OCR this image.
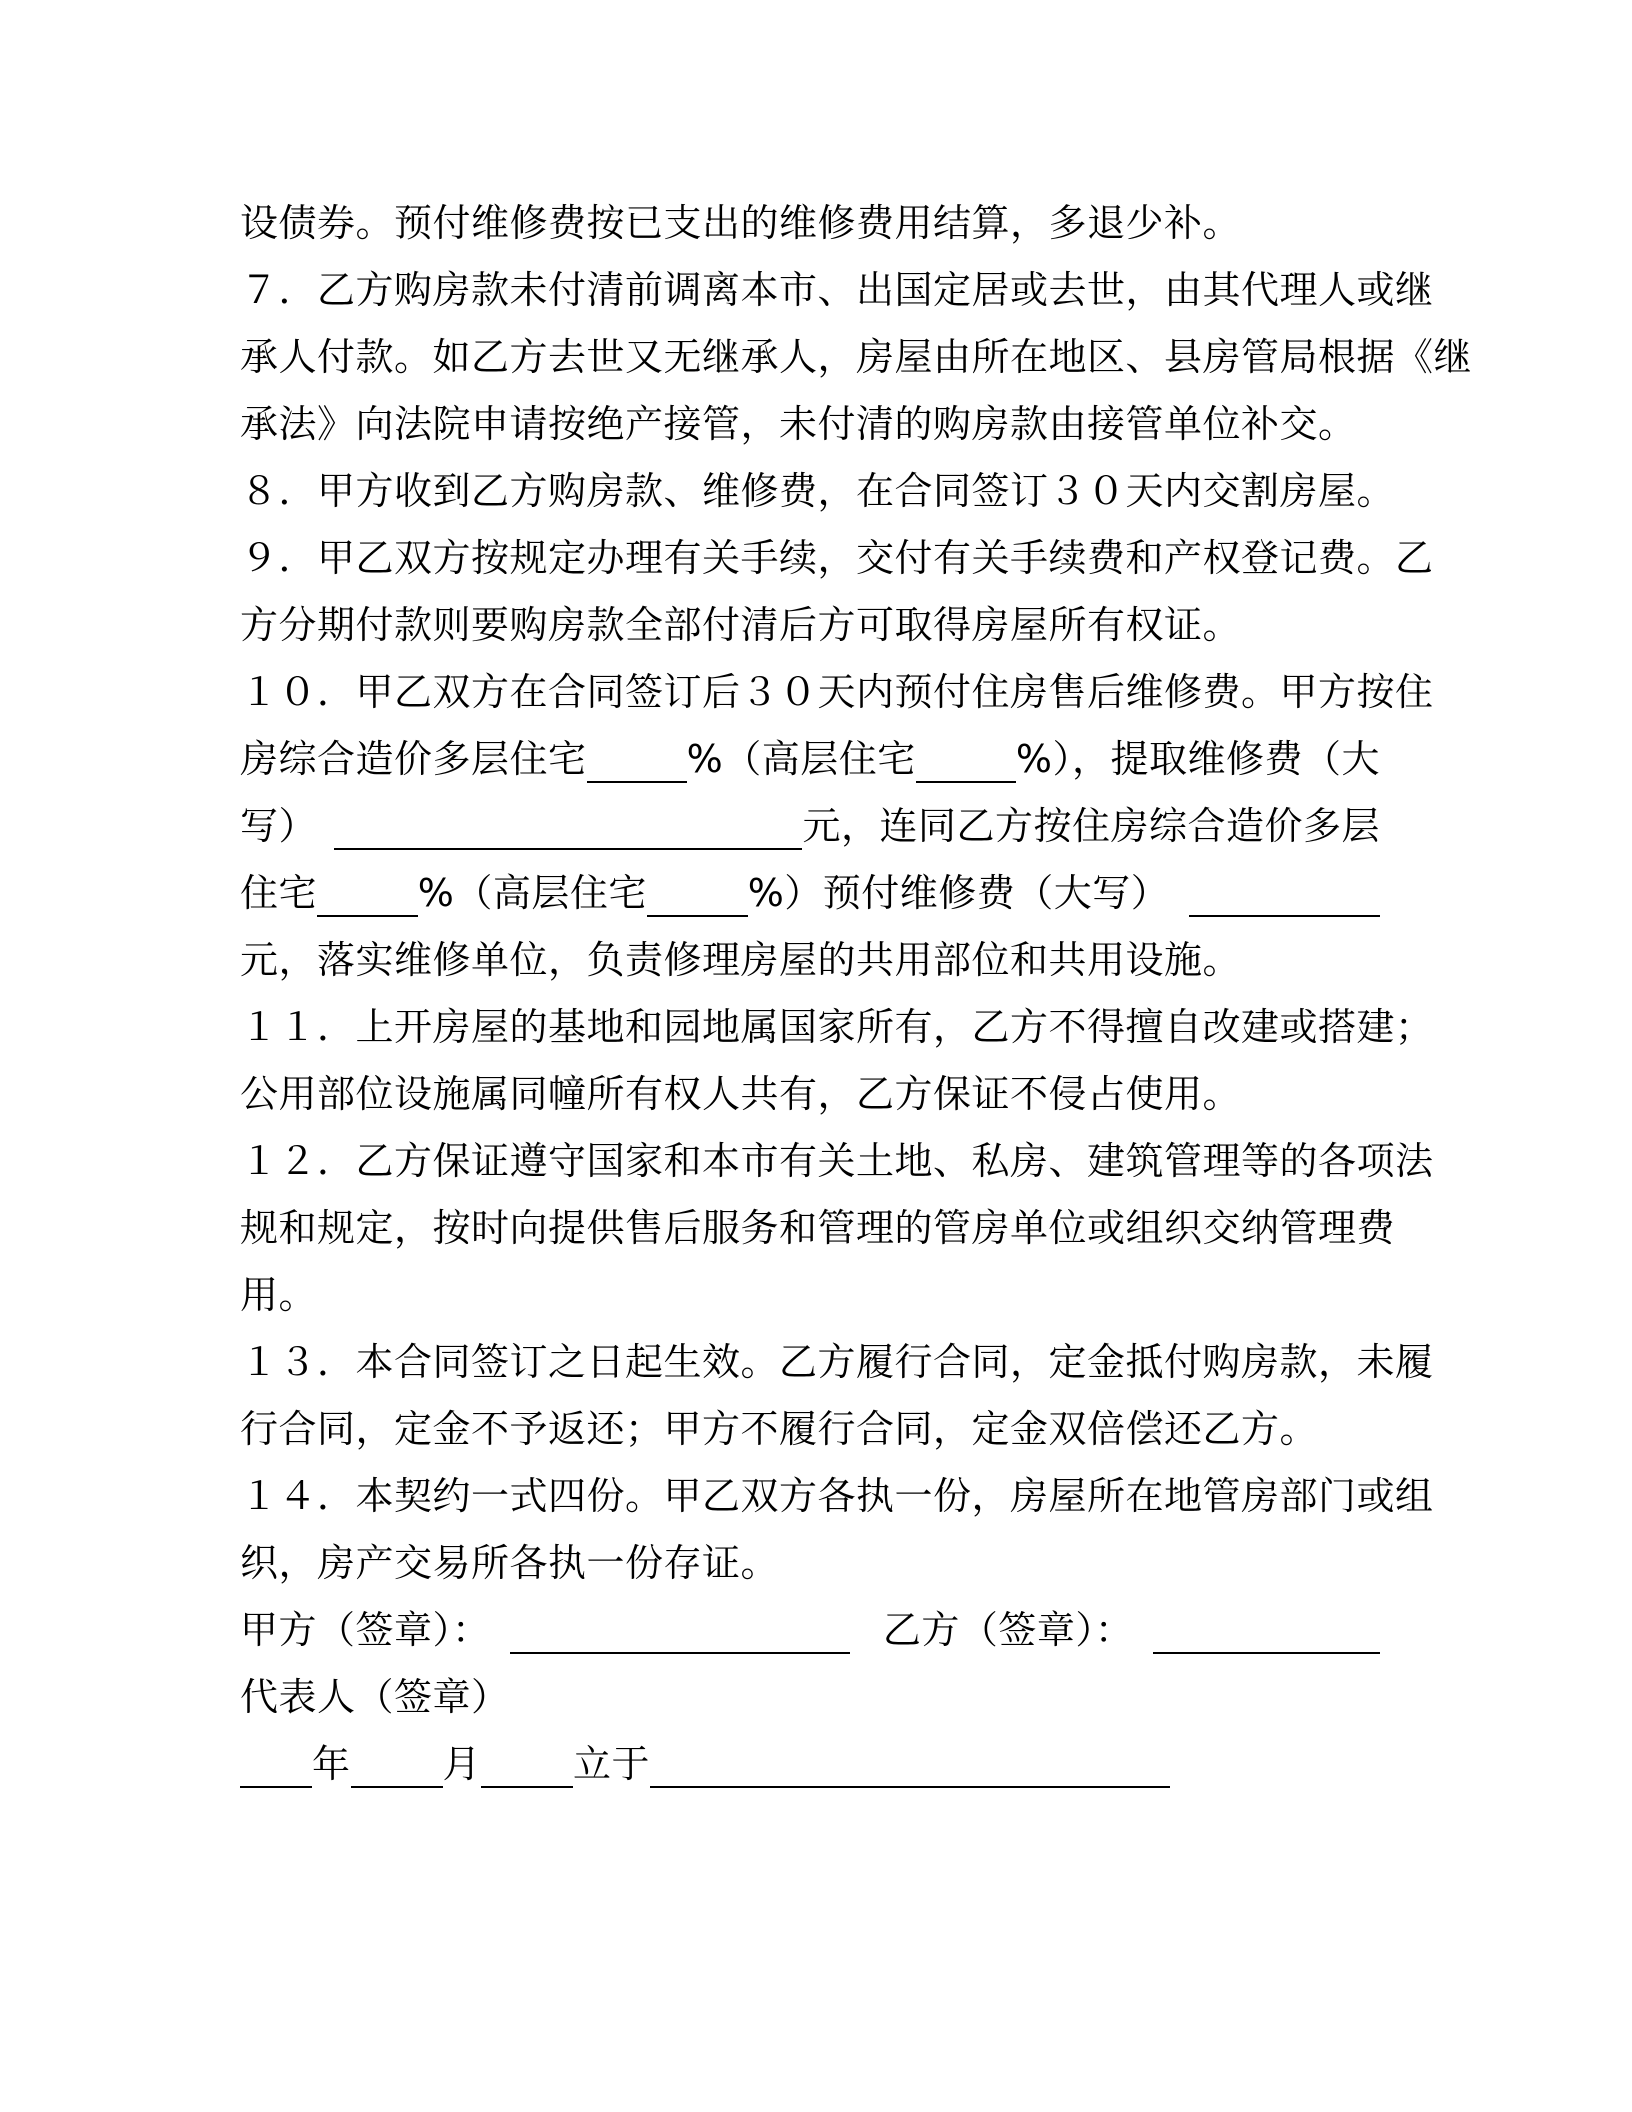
设债券。预付维修费按已支出的维修费用结算，多退少补。
７．乙方购房款未付清前调离本市、出国定居或去世，由其代理人或继
承人付款。如乙方去世又无继承人，房屋由所在地区、县房管局根据《继
承法》向法院申请按绝产接管，未付清的购房款由接管单位补交。
８．甲方收到乙方购房款、维修费，在合同签订３０天内交割房屋。
９．甲乙双方按规定办理有关手续，交付有关手续费和产权登记费。乙
方分期付款则要购房款全部付清后方可取得房屋所有权证。
１０．甲乙双方在合同签订后３０天内预付住房售后维修费。甲方按住
房综合造价多层住宅	%（高层住宅	%），提取维修费（大
写）	元，连同乙方按住房综合造价多层
住宅	%（高层住宅	%）预付维修费（大写）
元，落实维修单位，负责修理房屋的共用部位和共用设施。
１１．上开房屋的基地和园地属国家所有，乙方不得擅自改建或搭建；
公用部位设施属同幢所有权人共有，乙方保证不侵占使用。
１２．乙方保证遵守国家和本市有关土地、私房、建筑管理等的各项法
规和规定，按时向提供售后服务和管理的管房单位或组织交纳管理费
用。
１３．本合同签订之日起生效。乙方履行合同，定金抵付购房款，未履
行合同，定金不予返还；甲方不履行合同，定金双倍偿还乙方。
１４．本契约一式四份。甲乙双方各执一份，房屋所在地管房部门或组
织，房产交易所各执一份存证。
甲方（签章）：	乙方（签章）：
代表人（签章）
年 月 立于
